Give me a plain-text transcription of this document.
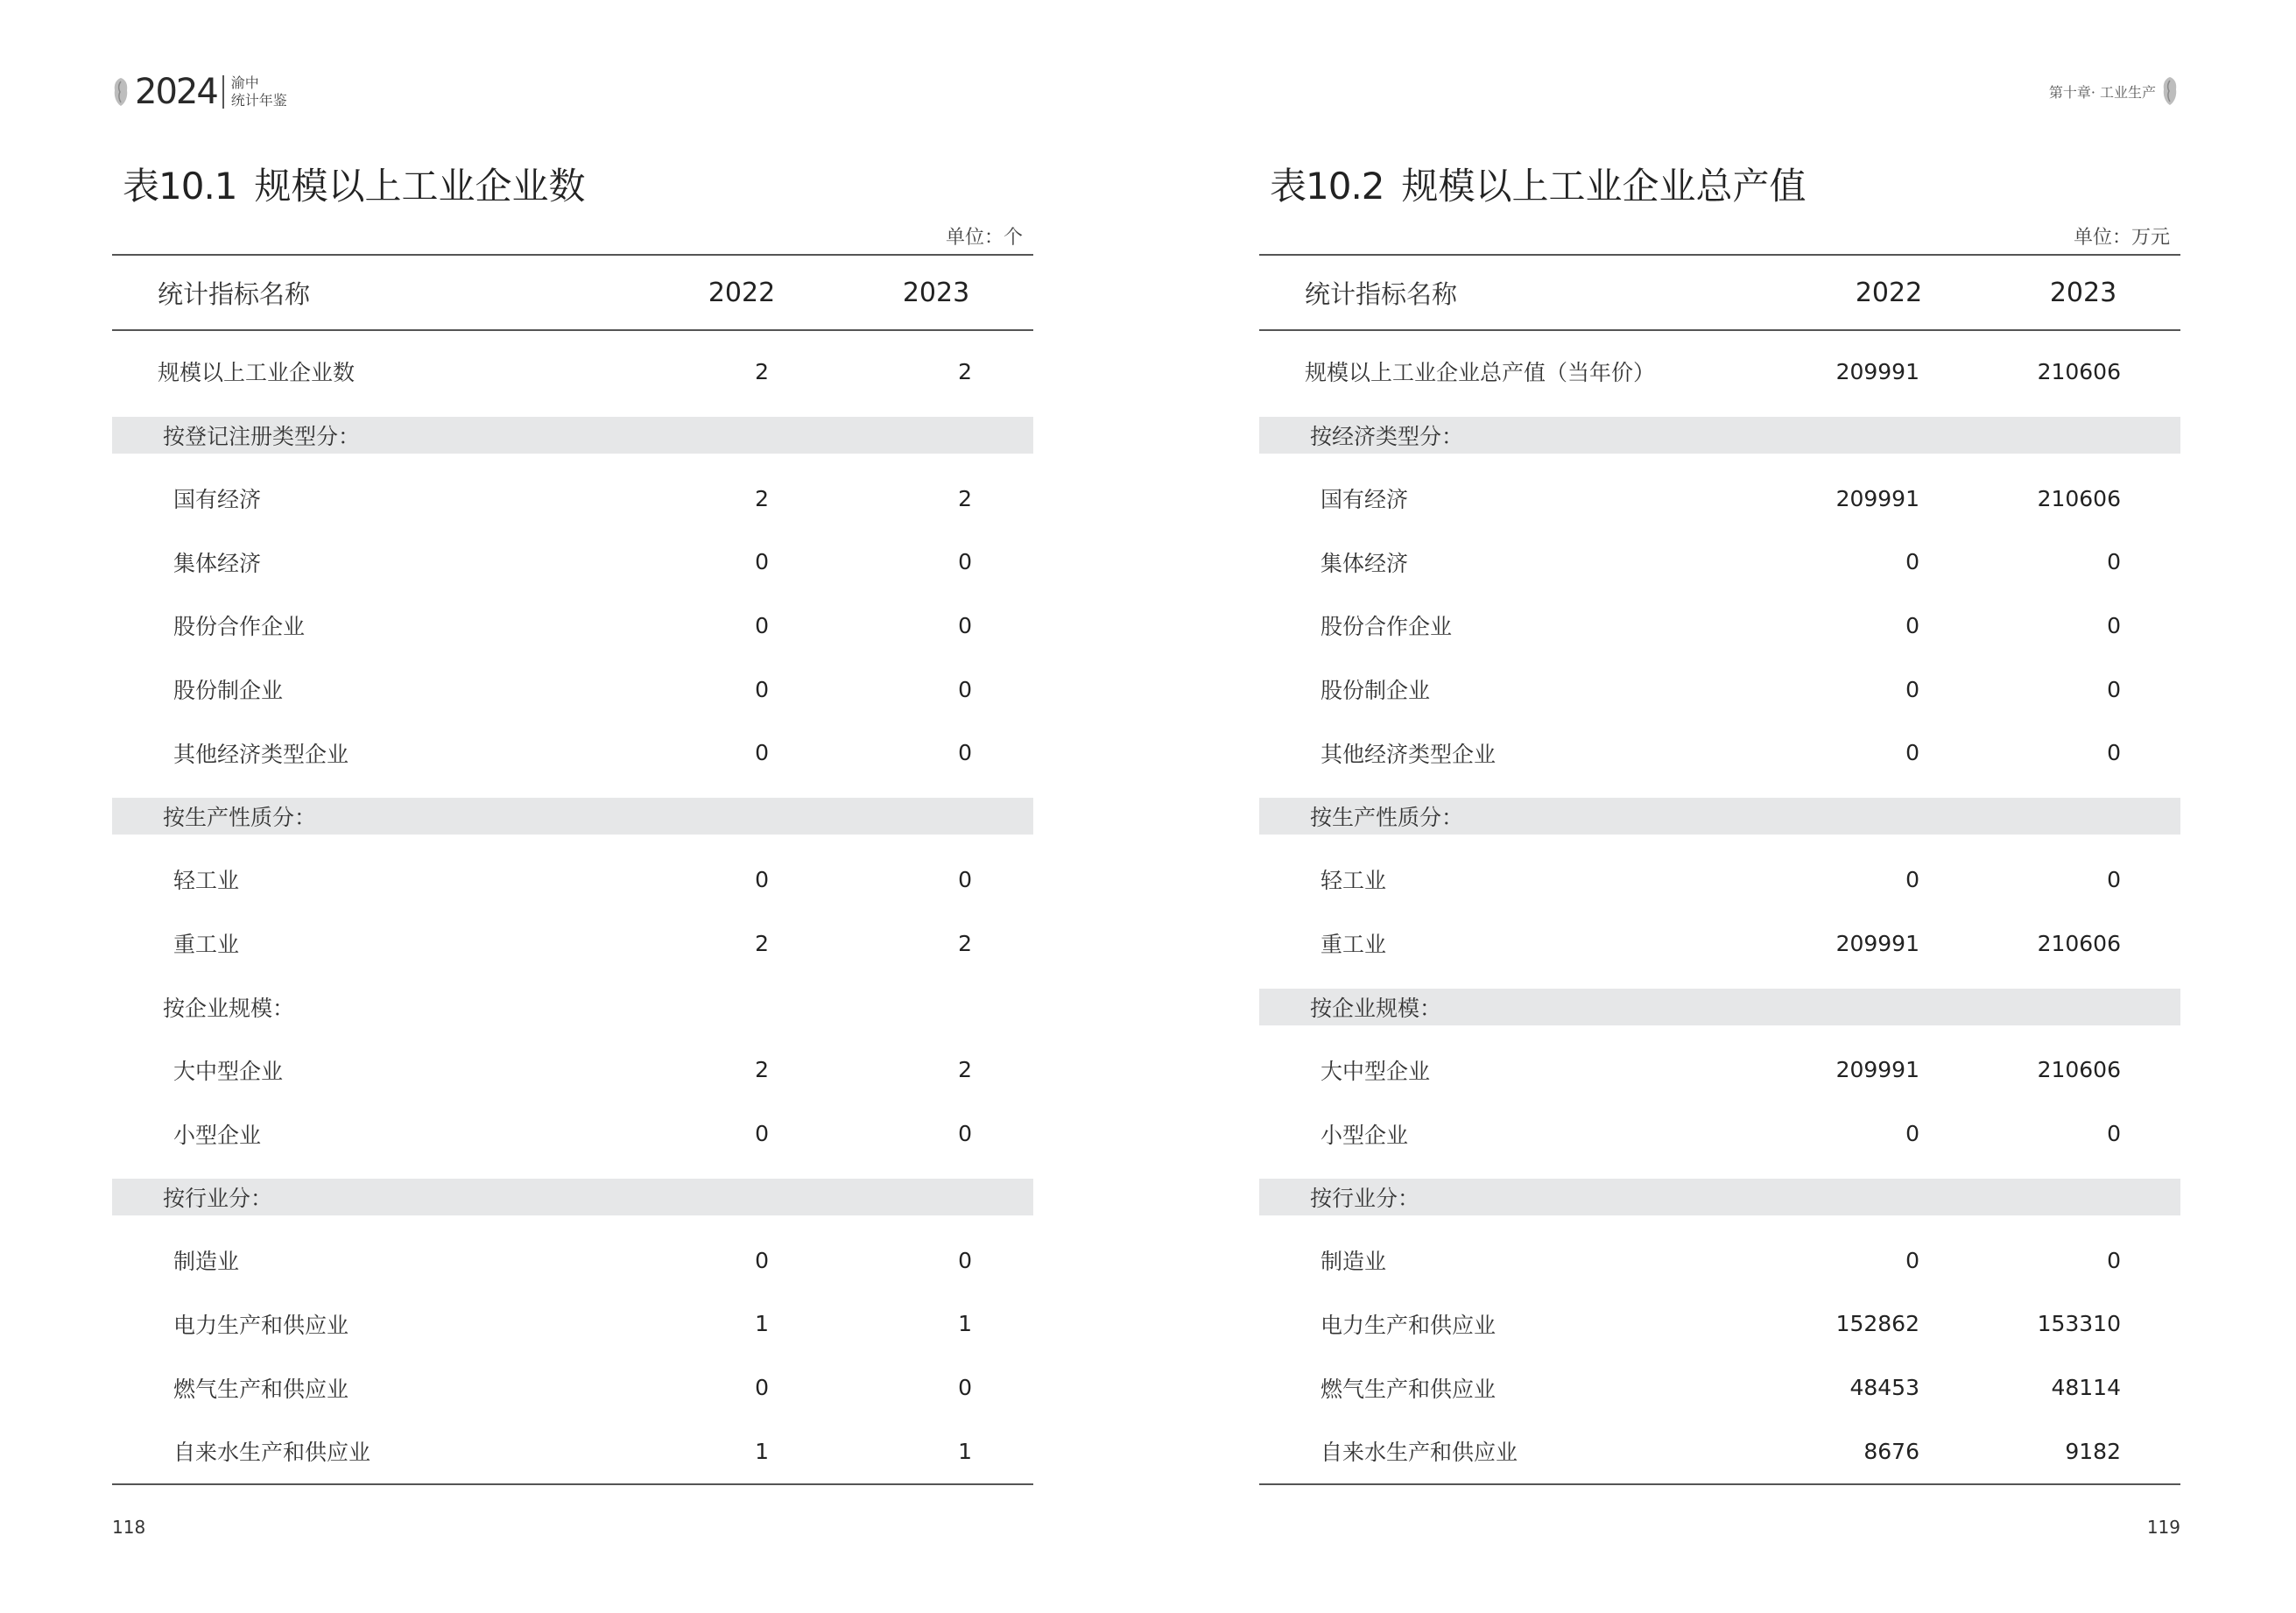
2024 渝中
统计年鉴	第十章· 工业生产
表10.1 规模以上工业企业数
单位：个
统计指标名称	2022	2023
规模以上工业企业数	2	2
按登记注册类型分：
国有经济	2	2
集体经济	0	0
股份合作企业	0	0
股份制企业	0	0
其他经济类型企业	0	0
按生产性质分：
轻工业	0	0
重工业	2	2
按企业规模：
大中型企业	2	2
小型企业	0	0
按行业分：
制造业	0	0
电力生产和供应业	1	1
燃气生产和供应业	0	0
自来水生产和供应业	1	1
118
表10.2 规模以上工业企业总产值
单位：万元
统计指标名称	2022	2023
规模以上工业企业总产值（当年价）	209991	210606
按经济类型分：
国有经济	209991	210606
集体经济	0	0
股份合作企业	0	0
股份制企业	0	0
其他经济类型企业	0	0
按生产性质分：
轻工业	0	0
重工业	209991	210606
按企业规模：
大中型企业	209991	210606
小型企业	0	0
按行业分：
制造业	0	0
电力生产和供应业	152862	153310
燃气生产和供应业	48453	48114
自来水生产和供应业	8676	9182
119
